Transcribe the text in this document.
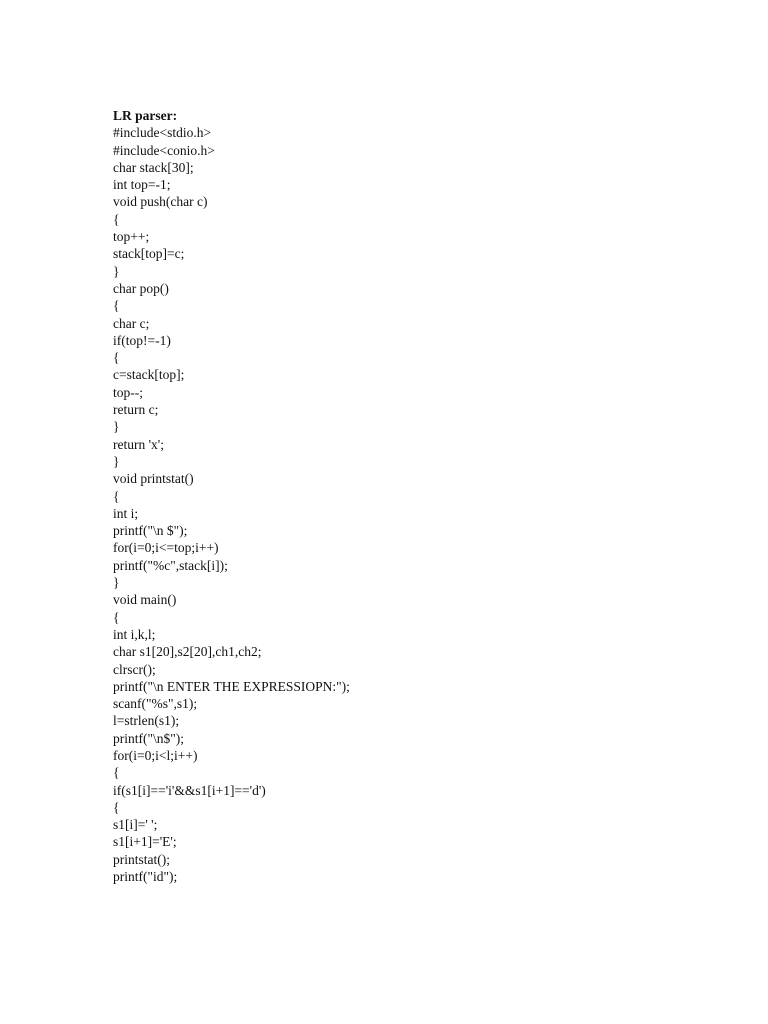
LR parser:
#include<stdio.h>
#include<conio.h>
char stack[30];
int top=-1;
void push(char c)
{
top++;
stack[top]=c;
}
char pop()
{
char c;
if(top!=-1)
{
c=stack[top];
top--;
return c;
}
return 'x';
}
void printstat()
{
int i;
printf("\n $");
for(i=0;i<=top;i++)
printf("%c",stack[i]);
}
void main()
{
int i,k,l;
char s1[20],s2[20],ch1,ch2;
clrscr();
printf("\n ENTER THE EXPRESSIOPN:");
scanf("%s",s1);
l=strlen(s1);
printf("\n$");
for(i=0;i<l;i++)
{
if(s1[i]=='i'&&s1[i+1]=='d')
{
s1[i]=' ';
s1[i+1]='E';
printstat();
printf("id");
